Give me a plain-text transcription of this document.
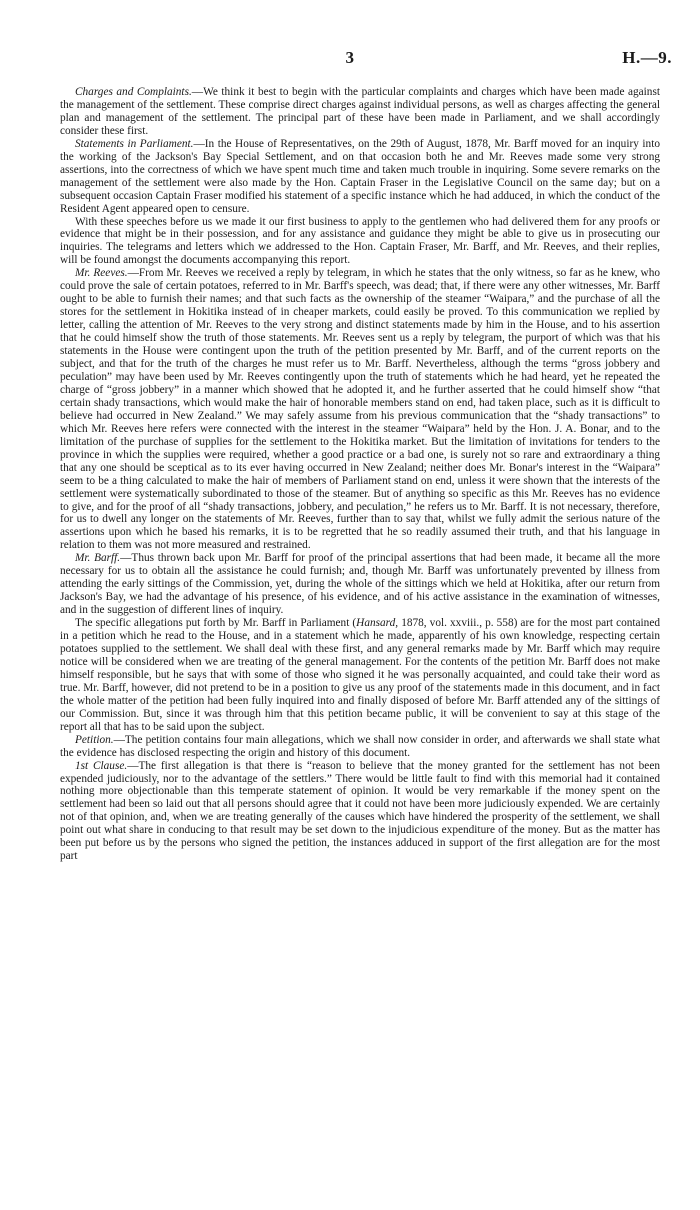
3	H.—9.

Charges and Complaints.—We think it best to begin with the particular complaints and charges which have been made against the management of the settlement. These comprise direct charges against individual persons, as well as charges affecting the general plan and management of the settlement. The principal part of these have been made in Parliament, and we shall accordingly consider these first.

Statements in Parliament.—In the House of Representatives, on the 29th of August, 1878, Mr. Barff moved for an inquiry into the working of the Jackson's Bay Special Settlement, and on that occasion both he and Mr. Reeves made some very strong assertions, into the correctness of which we have spent much time and taken much trouble in inquiring. Some severe remarks on the management of the settlement were also made by the Hon. Captain Fraser in the Legislative Council on the same day; but on a subsequent occasion Captain Fraser modified his statement of a specific instance which he had adduced, in which the conduct of the Resident Agent appeared open to censure.

With these speeches before us we made it our first business to apply to the gentlemen who had delivered them for any proofs or evidence that might be in their possession, and for any assistance and guidance they might be able to give us in prosecuting our inquiries. The telegrams and letters which we addressed to the Hon. Captain Fraser, Mr. Barff, and Mr. Reeves, and their replies, will be found amongst the documents accompanying this report.

Mr. Reeves.—From Mr. Reeves we received a reply by telegram, in which he states that the only witness, so far as he knew, who could prove the sale of certain potatoes, referred to in Mr. Barff's speech, was dead; that, if there were any other witnesses, Mr. Barff ought to be able to furnish their names; and that such facts as the ownership of the steamer “Waipara,” and the purchase of all the stores for the settlement in Hokitika instead of in cheaper markets, could easily be proved. To this communication we replied by letter, calling the attention of Mr. Reeves to the very strong and distinct statements made by him in the House, and to his assertion that he could himself show the truth of those statements. Mr. Reeves sent us a reply by telegram, the purport of which was that his statements in the House were contingent upon the truth of the petition presented by Mr. Barff, and of the current reports on the subject, and that for the truth of the charges he must refer us to Mr. Barff. Nevertheless, although the terms “gross jobbery and peculation” may have been used by Mr. Reeves contingently upon the truth of statements which he had heard, yet he repeated the charge of “gross jobbery” in a manner which showed that he adopted it, and he further asserted that he could himself show “that certain shady transactions, which would make the hair of honorable members stand on end, had taken place, such as it is difficult to believe had occurred in New Zealand.” We may safely assume from his previous communication that the “shady transactions” to which Mr. Reeves here refers were connected with the interest in the steamer “Waipara” held by the Hon. J. A. Bonar, and to the limitation of the purchase of supplies for the settlement to the Hokitika market. But the limitation of invitations for tenders to the province in which the supplies were required, whether a good practice or a bad one, is surely not so rare and extraordinary a thing that any one should be sceptical as to its ever having occurred in New Zealand; neither does Mr. Bonar's interest in the “Waipara” seem to be a thing calculated to make the hair of members of Parliament stand on end, unless it were shown that the interests of the settlement were systematically subordinated to those of the steamer. But of anything so specific as this Mr. Reeves has no evidence to give, and for the proof of all “shady transactions, jobbery, and peculation,” he refers us to Mr. Barff. It is not necessary, therefore, for us to dwell any longer on the statements of Mr. Reeves, further than to say that, whilst we fully admit the serious nature of the assertions upon which he based his remarks, it is to be regretted that he so readily assumed their truth, and that his language in relation to them was not more measured and restrained.

Mr. Barff.—Thus thrown back upon Mr. Barff for proof of the principal assertions that had been made, it became all the more necessary for us to obtain all the assistance he could furnish; and, though Mr. Barff was unfortunately prevented by illness from attending the early sittings of the Commission, yet, during the whole of the sittings which we held at Hokitika, after our return from Jackson's Bay, we had the advantage of his presence, of his evidence, and of his active assistance in the examination of witnesses, and in the suggestion of different lines of inquiry.

The specific allegations put forth by Mr. Barff in Parliament (Hansard, 1878, vol. xxviii., p. 558) are for the most part contained in a petition which he read to the House, and in a statement which he made, apparently of his own knowledge, respecting certain potatoes supplied to the settlement. We shall deal with these first, and any general remarks made by Mr. Barff which may require notice will be considered when we are treating of the general management. For the contents of the petition Mr. Barff does not make himself responsible, but he says that with some of those who signed it he was personally acquainted, and could take their word as true. Mr. Barff, however, did not pretend to be in a position to give us any proof of the statements made in this document, and in fact the whole matter of the petition had been fully inquired into and finally disposed of before Mr. Barff attended any of the sittings of our Commission. But, since it was through him that this petition became public, it will be convenient to say at this stage of the report all that has to be said upon the subject.

Petition.—The petition contains four main allegations, which we shall now consider in order, and afterwards we shall state what the evidence has disclosed respecting the origin and history of this document.

1st Clause.—The first allegation is that there is “reason to believe that the money granted for the settlement has not been expended judiciously, nor to the advantage of the settlers.” There would be little fault to find with this memorial had it contained nothing more objectionable than this temperate statement of opinion. It would be very remarkable if the money spent on the settlement had been so laid out that all persons should agree that it could not have been more judiciously expended. We are certainly not of that opinion, and, when we are treating generally of the causes which have hindered the prosperity of the settlement, we shall point out what share in conducing to that result may be set down to the injudicious expenditure of the money. But as the matter has been put before us by the persons who signed the petition, the instances adduced in support of the first allegation are for the most part
